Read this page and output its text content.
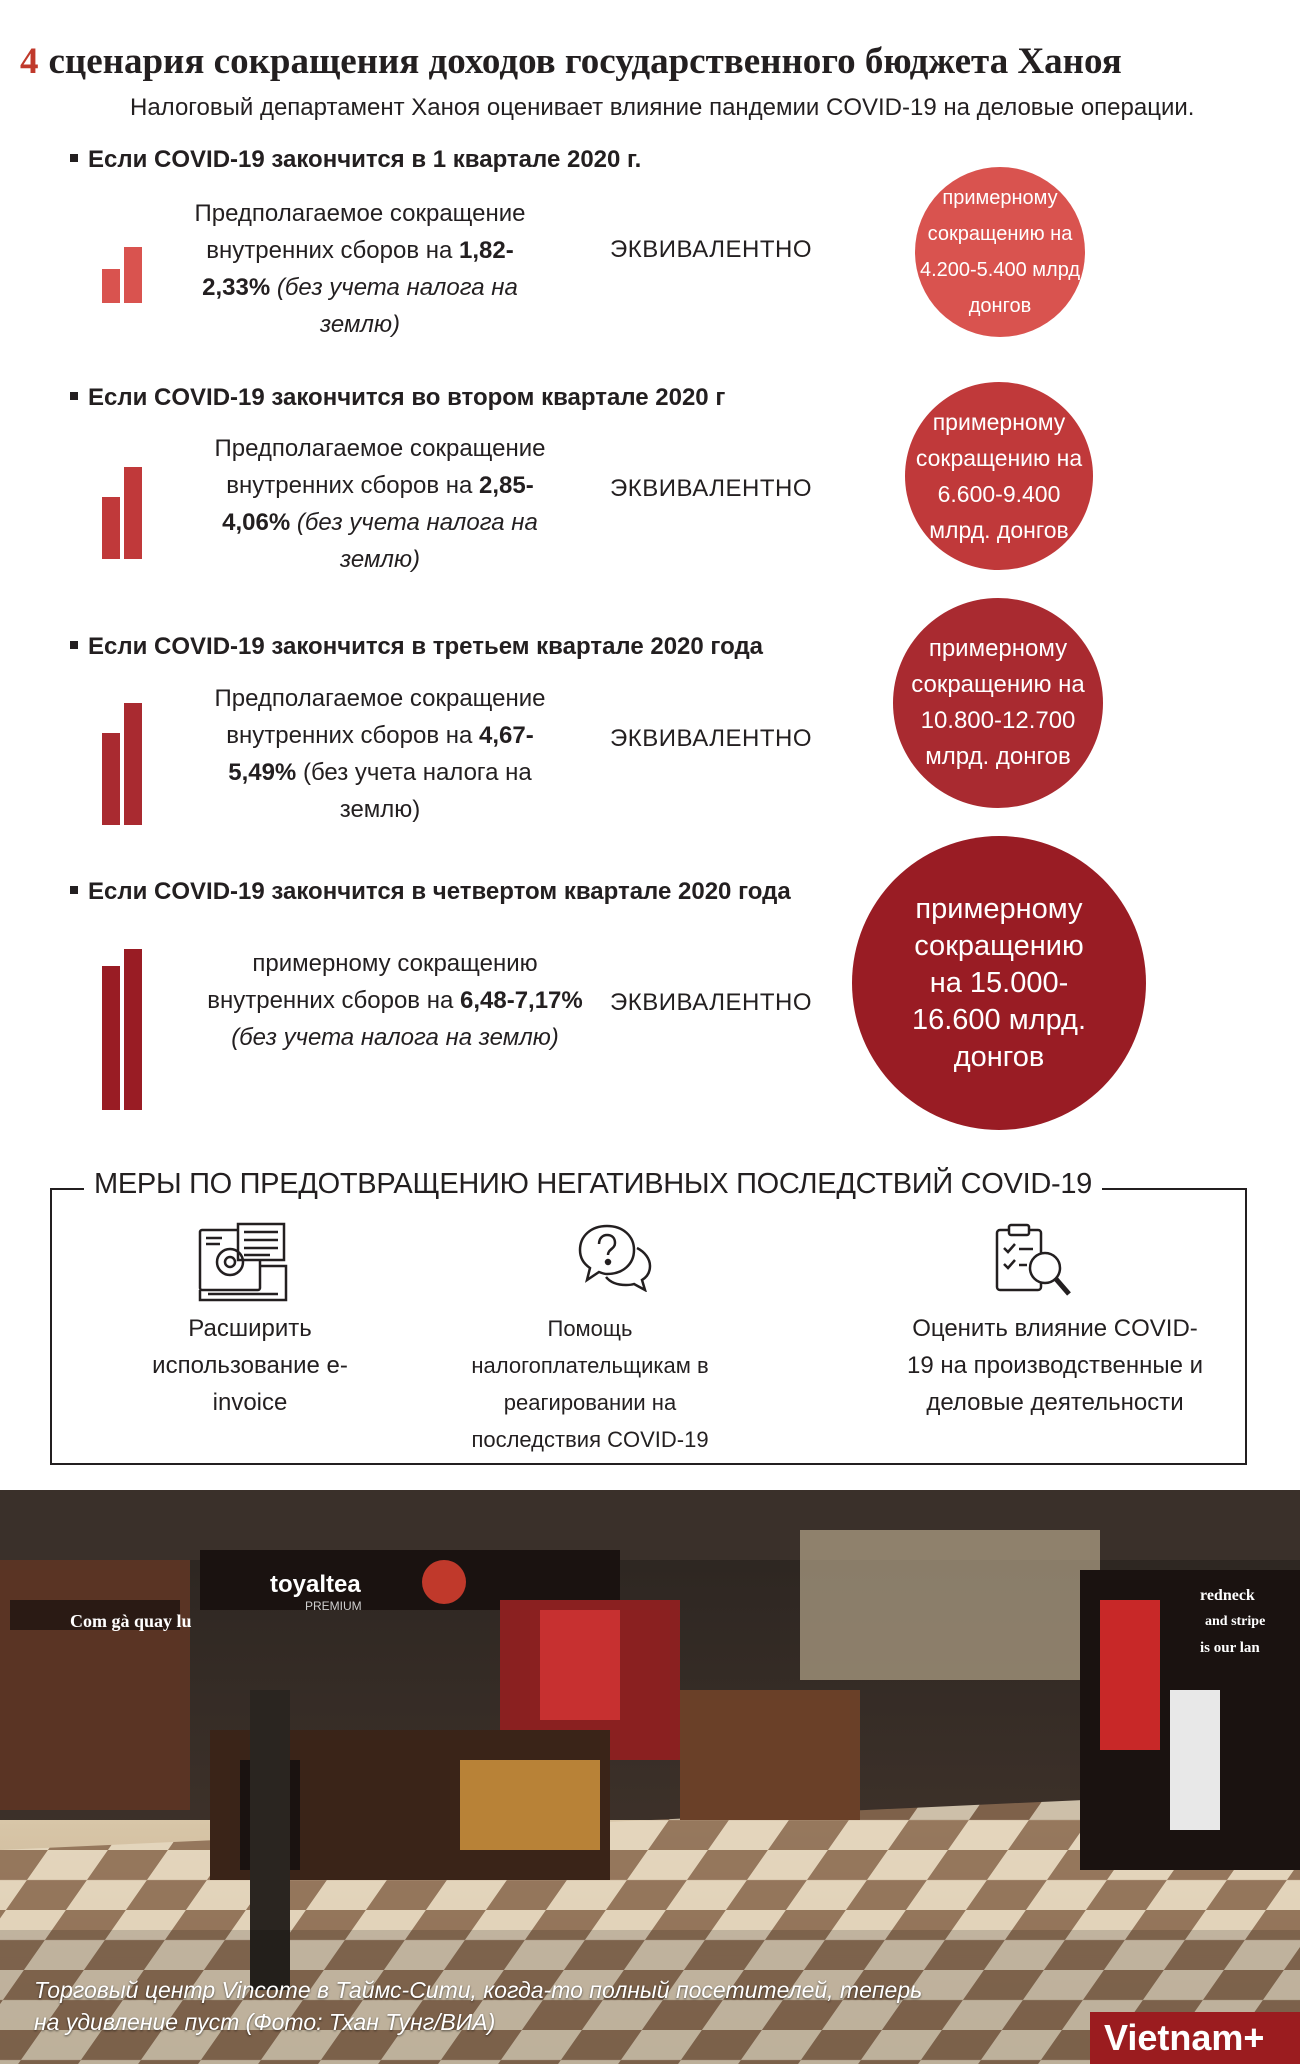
4 сценария сокращения доходов государственного бюджета Ханоя
Налоговый департамент Ханоя оценивает влияние пандемии COVID-19 на деловые операции.
Если COVID-19 закончится в 1 квартале 2020 г.
Предполагаемое сокращение внутренних сборов на 1,82-2,33% (без учета налога на землю)
ЭКВИВАЛЕНТНО
примерному сокращению на 4.200-5.400 млрд донгов
Если COVID-19 закончится во втором квартале 2020 г
Предполагаемое сокращение внутренних сборов на 2,85-4,06% (без учета налога на землю)
ЭКВИВАЛЕНТНО
примерному сокращению на 6.600-9.400 млрд. донгов
Если COVID-19 закончится в третьем квартале 2020 года
Предполагаемое сокращение внутренних сборов на 4,67-5,49% (без учета налога на землю)
ЭКВИВАЛЕНТНО
примерному сокращению на 10.800-12.700 млрд. донгов
Если COVID-19 закончится в четвертом квартале 2020 года
примерному сокращению внутренних сборов на 6,48-7,17% (без учета налога на землю)
ЭКВИВАЛЕНТНО
примерному сокращению на 15.000-16.600 млрд. донгов
МЕРЫ ПО ПРЕДОТВРАЩЕНИЮ НЕГАТИВНЫХ ПОСЛЕДСТВИЙ COVID-19
Расширить использование e-invoice
Помощь налогоплательщикам в реагировании на последствия COVID-19
Оценить влияние COVID-19 на производственные и деловые деятельности
Com gà quay lu
toyaltea
PREMIUM
redneck
and stripe
is our lan
Торговый центр Vincome в Таймс-Сити, когда-то полный посетителей, теперь на удивление пуст (Фото: Тхан Тунг/ВИА)	Vietnam+
